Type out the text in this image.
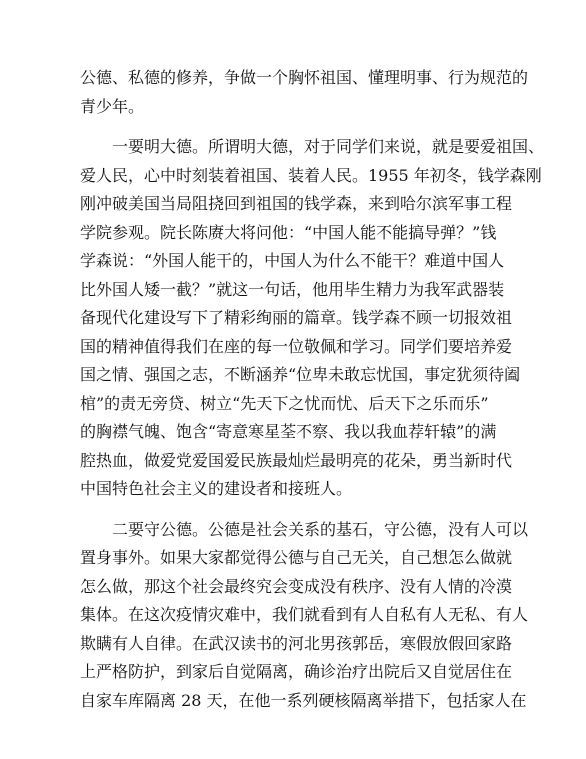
公德、私德的修养，争做一个胸怀祖国、懂理明事、行为规范的
青少年。

一要明大德。所谓明大德，对于同学们来说，就是要爱祖国、
爱人民，心中时刻装着祖国、装着人民。1955 年初冬，钱学森刚
刚冲破美国当局阻挠回到祖国的钱学森，来到哈尔滨军事工程
学院参观。院长陈赓大将问他：“中国人能不能搞导弹？”钱
学森说：“外国人能干的，中国人为什么不能干？难道中国人
比外国人矮一截？”就这一句话，他用毕生精力为我军武器装
备现代化建设写下了精彩绚丽的篇章。钱学森不顾一切报效祖
国的精神值得我们在座的每一位敬佩和学习。同学们要培养爱
国之情、强国之志，不断涵养“位卑未敢忘忧国，事定犹须待阖
棺”的责无旁贷、树立“先天下之忧而忧、后天下之乐而乐”
的胸襟气魄、饱含“寄意寒星荃不察、我以我血荐轩辕”的满
腔热血，做爱党爱国爱民族最灿烂最明亮的花朵，勇当新时代
中国特色社会主义的建设者和接班人。

二要守公德。公德是社会关系的基石，守公德，没有人可以
置身事外。如果大家都觉得公德与自己无关，自己想怎么做就
怎么做，那这个社会最终究会变成没有秩序、没有人情的冷漠
集体。在这次疫情灾难中，我们就看到有人自私有人无私、有人
欺瞒有人自律。在武汉读书的河北男孩郭岳，寒假放假回家路
上严格防护，到家后自觉隔离，确诊治疗出院后又自觉居住在
自家车库隔离 28 天，在他一系列硬核隔离举措下，包括家人在
